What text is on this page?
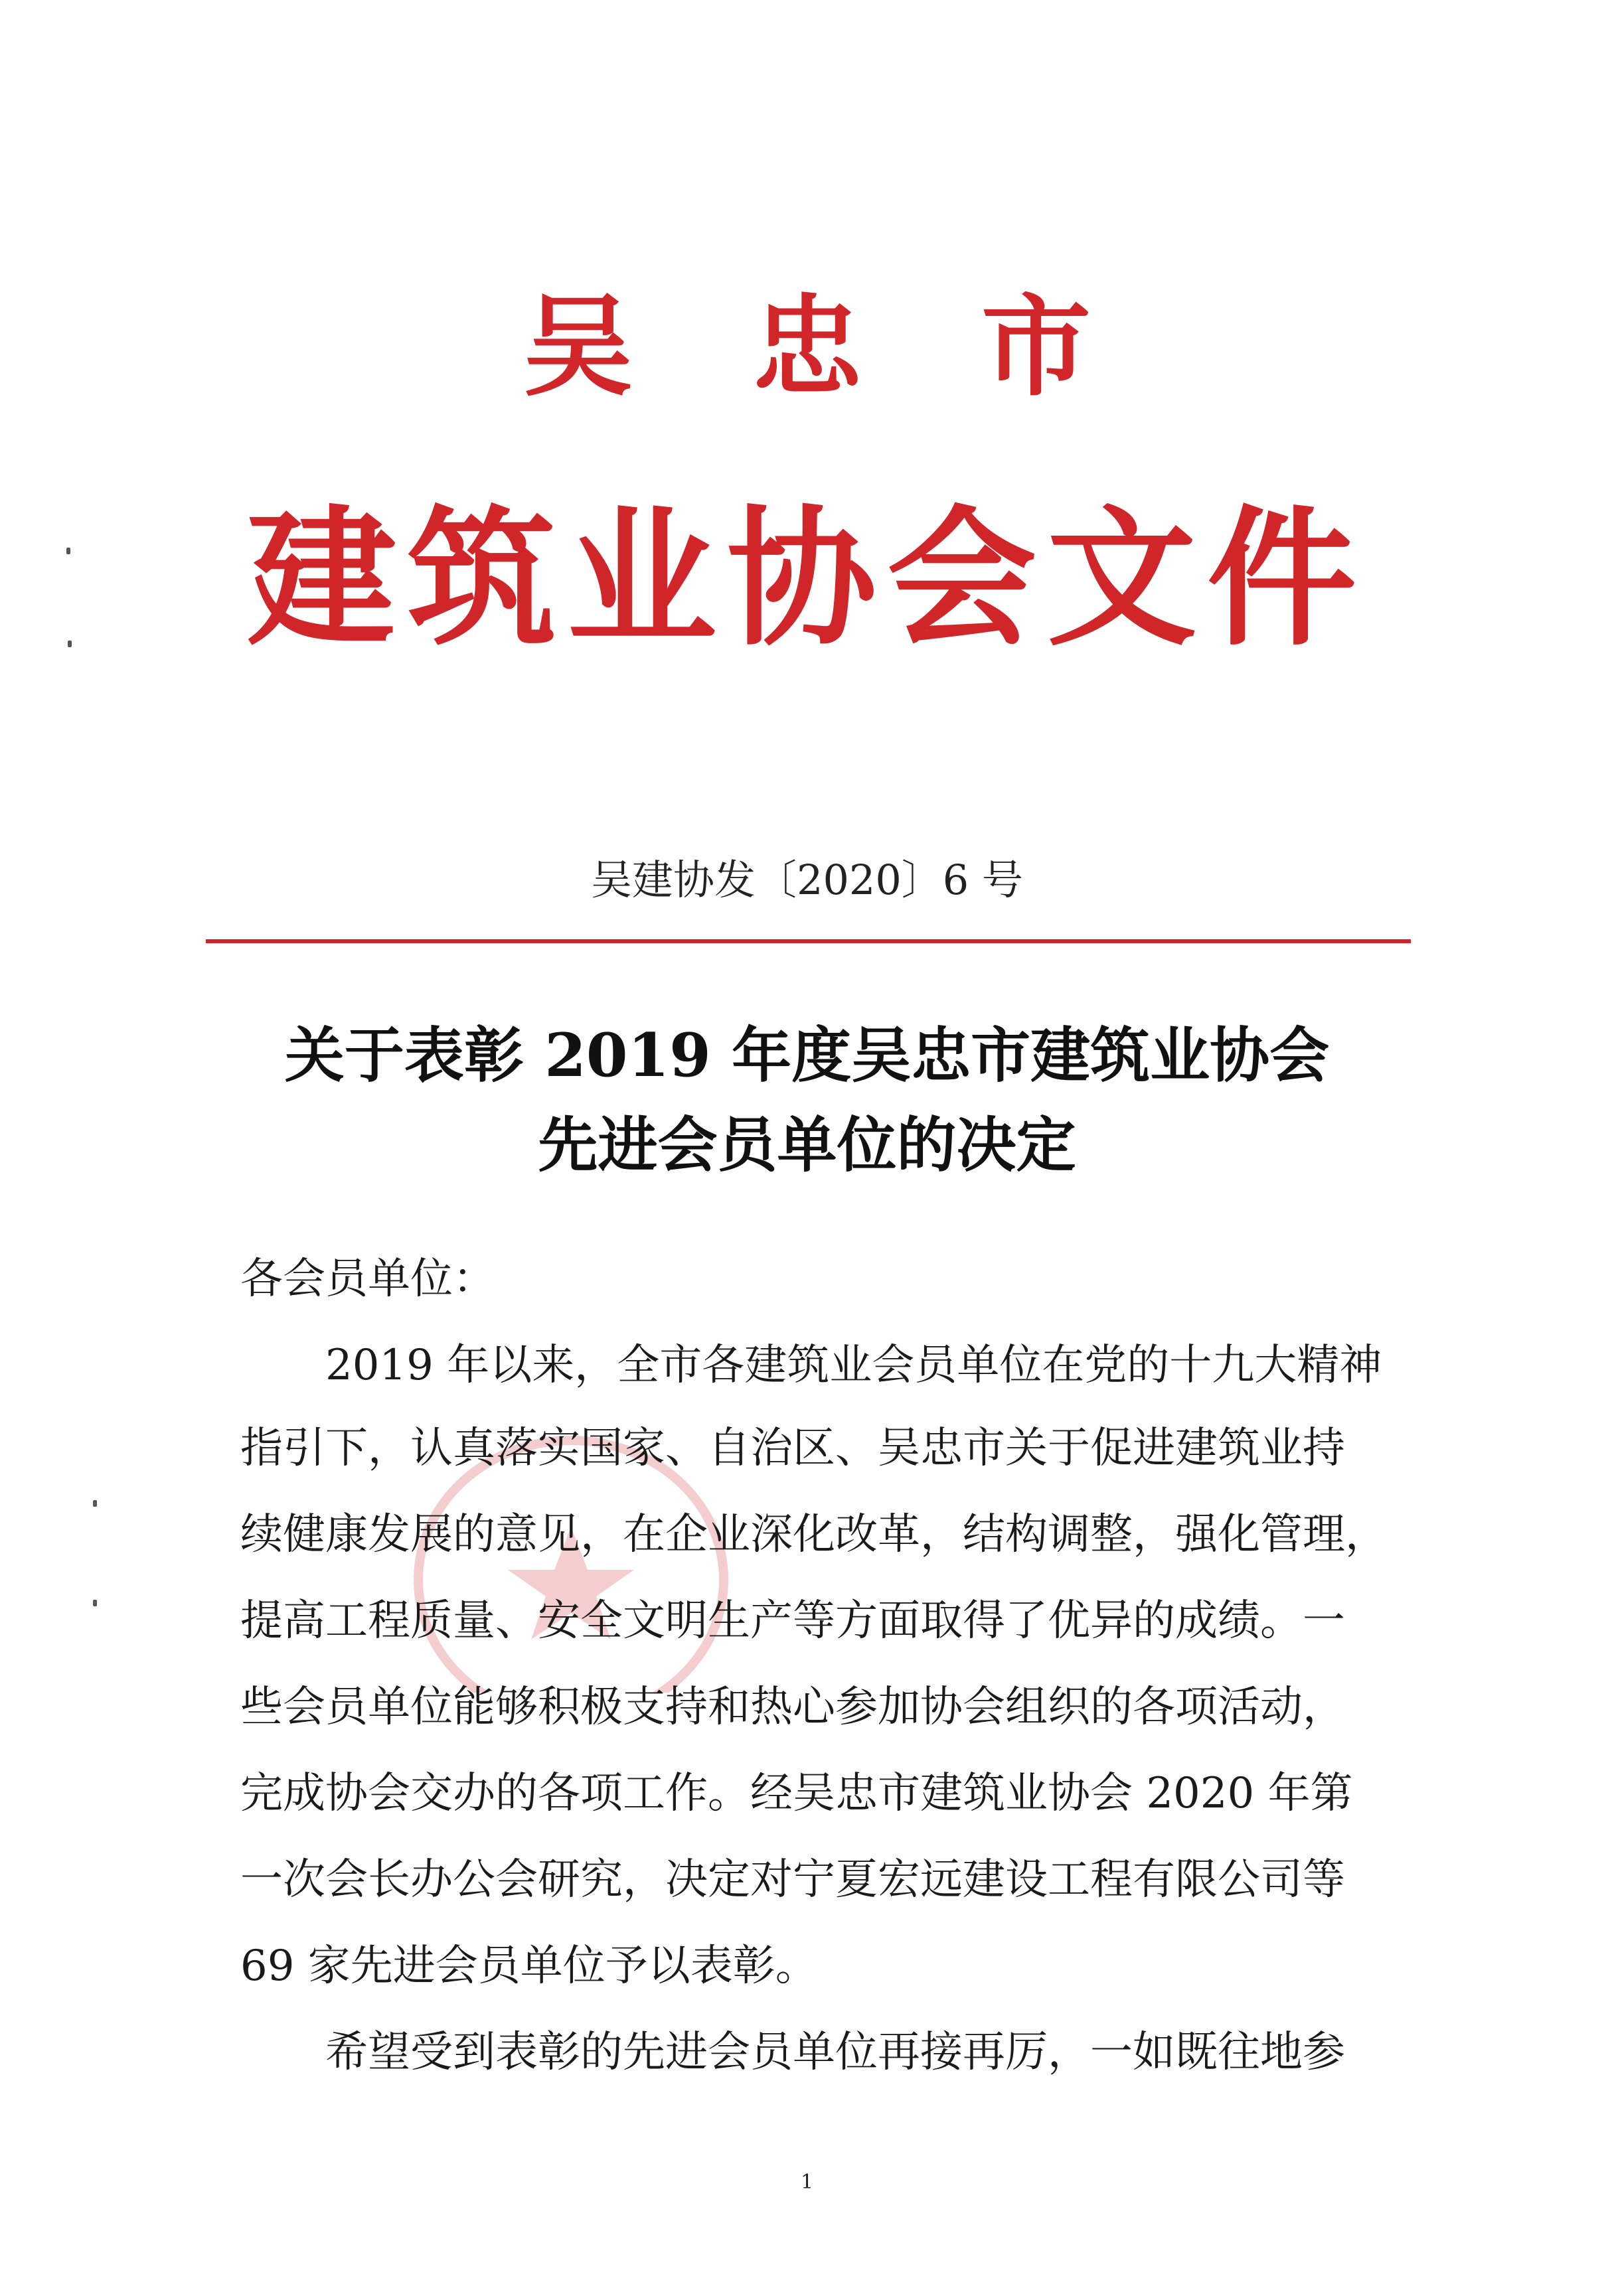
吴忠市
建筑业协会文件
吴建协发〔2020〕6 号
关于表彰 2019 年度吴忠市建筑业协会
先进会员单位的决定
各会员单位：
　　2019 年以来，全市各建筑业会员单位在党的十九大精神
指引下，认真落实国家、自治区、吴忠市关于促进建筑业持
续健康发展的意见，在企业深化改革，结构调整，强化管理，
提高工程质量、安全文明生产等方面取得了优异的成绩。一
些会员单位能够积极支持和热心参加协会组织的各项活动，
完成协会交办的各项工作。经吴忠市建筑业协会 2020 年第
一次会长办公会研究，决定对宁夏宏远建设工程有限公司等
69 家先进会员单位予以表彰。
　　希望受到表彰的先进会员单位再接再厉，一如既往地参
1
